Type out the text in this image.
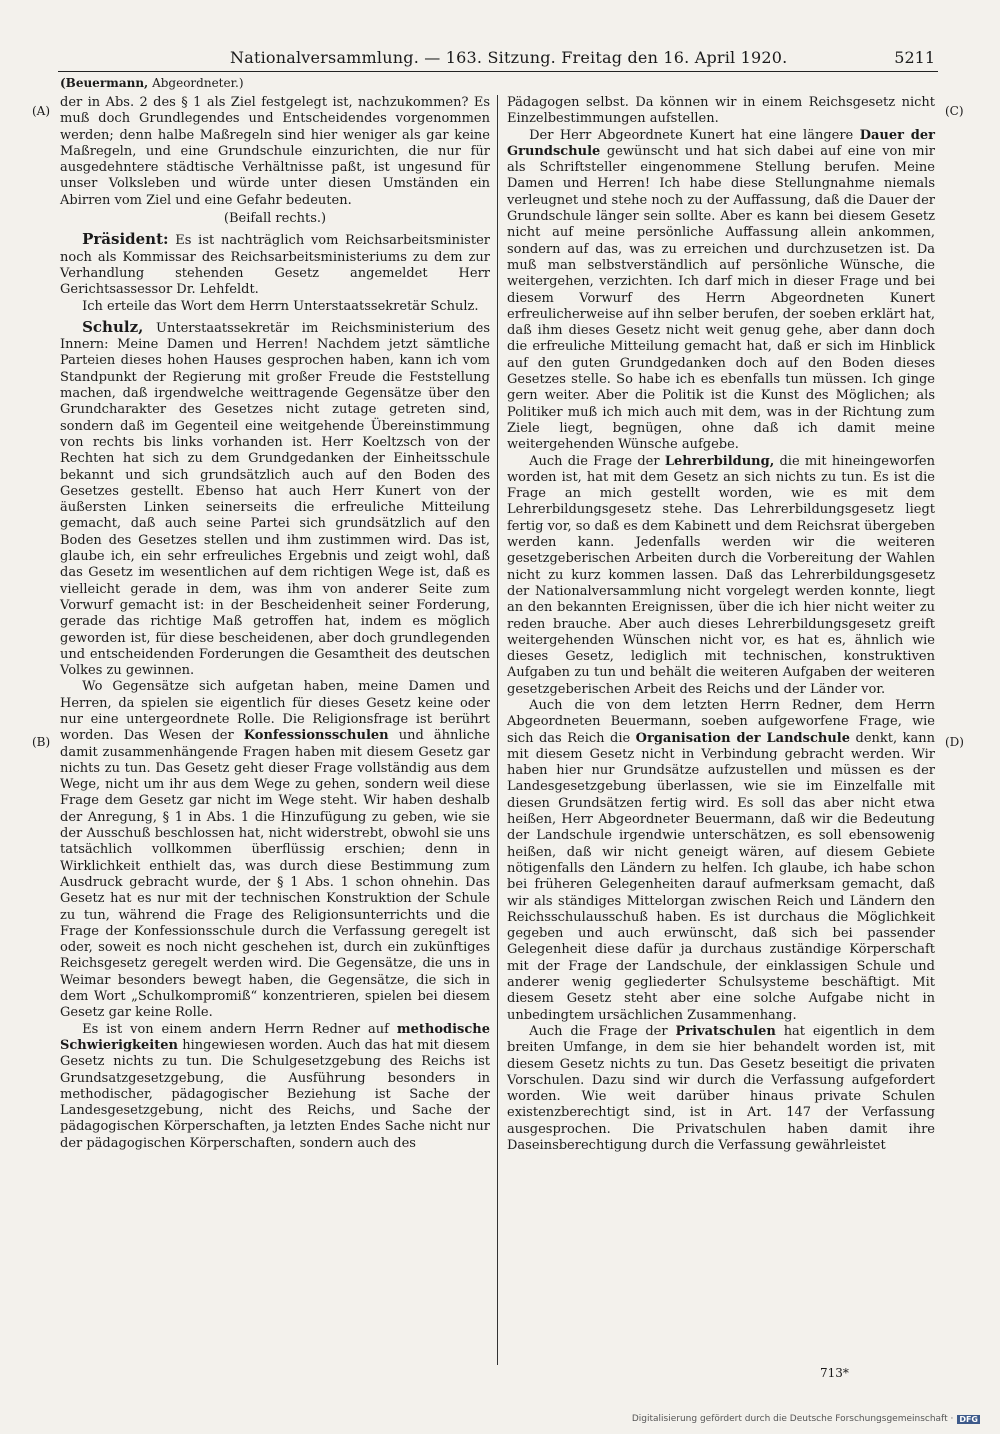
Nationalversammlung. — 163. Sitzung. Freitag den 16. April 1920.	5211
(Beuermann, Abgeordneter.)
(A)
(B)
(C)
(D)

der in Abs. 2 des § 1 als Ziel festgelegt ist, nachzukommen? Es muß doch Grundlegendes und Entscheidendes vorgenommen werden; denn halbe Maßregeln sind hier weniger als gar keine Maßregeln, und eine Grundschule einzurichten, die nur für ausgedehntere städtische Verhältnisse paßt, ist ungesund für unser Volksleben und würde unter diesen Umständen ein Abirren vom Ziel und eine Gefahr bedeuten.

(Beifall rechts.)

Präsident: Es ist nachträglich vom Reichsarbeitsminister noch als Kommissar des Reichsarbeitsministeriums zu dem zur Verhandlung stehenden Gesetz angemeldet Herr Gerichtsassessor Dr. Lehfeldt.

Ich erteile das Wort dem Herrn Unterstaatssekretär Schulz.

Schulz, Unterstaatssekretär im Reichsministerium des Innern: Meine Damen und Herren! Nachdem jetzt sämtliche Parteien dieses hohen Hauses gesprochen haben, kann ich vom Standpunkt der Regierung mit großer Freude die Feststellung machen, daß irgendwelche weittragende Gegensätze über den Grundcharakter des Gesetzes nicht zutage getreten sind, sondern daß im Gegenteil eine weitgehende Übereinstimmung von rechts bis links vorhanden ist. Herr Koeltzsch von der Rechten hat sich zu dem Grundgedanken der Einheitsschule bekannt und sich grundsätzlich auch auf den Boden des Gesetzes gestellt. Ebenso hat auch Herr Kunert von der äußersten Linken seinerseits die erfreuliche Mitteilung gemacht, daß auch seine Partei sich grundsätzlich auf den Boden des Gesetzes stellen und ihm zustimmen wird. Das ist, glaube ich, ein sehr erfreuliches Ergebnis und zeigt wohl, daß das Gesetz im wesentlichen auf dem richtigen Wege ist, daß es vielleicht gerade in dem, was ihm von anderer Seite zum Vorwurf gemacht ist: in der Bescheidenheit seiner Forderung, gerade das richtige Maß getroffen hat, indem es möglich geworden ist, für diese bescheidenen, aber doch grundlegenden und entscheidenden Forderungen die Gesamtheit des deutschen Volkes zu gewinnen.

Wo Gegensätze sich aufgetan haben, meine Damen und Herren, da spielen sie eigentlich für dieses Gesetz keine oder nur eine untergeordnete Rolle. Die Religionsfrage ist berührt worden. Das Wesen der Konfessionsschulen und ähnliche damit zusammenhängende Fragen haben mit diesem Gesetz gar nichts zu tun. Das Gesetz geht dieser Frage vollständig aus dem Wege, nicht um ihr aus dem Wege zu gehen, sondern weil diese Frage dem Gesetz gar nicht im Wege steht. Wir haben deshalb der Anregung, § 1 in Abs. 1 die Hinzufügung zu geben, wie sie der Ausschuß beschlossen hat, nicht widerstrebt, obwohl sie uns tatsächlich vollkommen überflüssig erschien; denn in Wirklichkeit enthielt das, was durch diese Bestimmung zum Ausdruck gebracht wurde, der § 1 Abs. 1 schon ohnehin. Das Gesetz hat es nur mit der technischen Konstruktion der Schule zu tun, während die Frage des Religionsunterrichts und die Frage der Konfessionsschule durch die Verfassung geregelt ist oder, soweit es noch nicht geschehen ist, durch ein zukünftiges Reichsgesetz geregelt werden wird. Die Gegensätze, die uns in Weimar besonders bewegt haben, die Gegensätze, die sich in dem Wort „Schulkompromiß“ konzentrieren, spielen bei diesem Gesetz gar keine Rolle.

Es ist von einem andern Herrn Redner auf methodische Schwierigkeiten hingewiesen worden. Auch das hat mit diesem Gesetz nichts zu tun. Die Schulgesetzgebung des Reichs ist Grundsatzgesetzgebung, die Ausführung besonders in methodischer, pädagogischer Beziehung ist Sache der Landesgesetzgebung, nicht des Reichs, und Sache der pädagogischen Körperschaften, ja letzten Endes Sache nicht nur der pädagogischen Körperschaften, sondern auch des

Pädagogen selbst. Da können wir in einem Reichsgesetz nicht Einzelbestimmungen aufstellen.

Der Herr Abgeordnete Kunert hat eine längere Dauer der Grundschule gewünscht und hat sich dabei auf eine von mir als Schriftsteller eingenommene Stellung berufen. Meine Damen und Herren! Ich habe diese Stellungnahme niemals verleugnet und stehe noch zu der Auffassung, daß die Dauer der Grundschule länger sein sollte. Aber es kann bei diesem Gesetz nicht auf meine persönliche Auffassung allein ankommen, sondern auf das, was zu erreichen und durchzusetzen ist. Da muß man selbstverständlich auf persönliche Wünsche, die weitergehen, verzichten. Ich darf mich in dieser Frage und bei diesem Vorwurf des Herrn Abgeordneten Kunert erfreulicherweise auf ihn selber berufen, der soeben erklärt hat, daß ihm dieses Gesetz nicht weit genug gehe, aber dann doch die erfreuliche Mitteilung gemacht hat, daß er sich im Hinblick auf den guten Grundgedanken doch auf den Boden dieses Gesetzes stelle. So habe ich es ebenfalls tun müssen. Ich ginge gern weiter. Aber die Politik ist die Kunst des Möglichen; als Politiker muß ich mich auch mit dem, was in der Richtung zum Ziele liegt, begnügen, ohne daß ich damit meine weitergehenden Wünsche aufgebe.

Auch die Frage der Lehrerbildung, die mit hineingeworfen worden ist, hat mit dem Gesetz an sich nichts zu tun. Es ist die Frage an mich gestellt worden, wie es mit dem Lehrerbildungsgesetz stehe. Das Lehrerbildungsgesetz liegt fertig vor, so daß es dem Kabinett und dem Reichsrat übergeben werden kann. Jedenfalls werden wir die weiteren gesetzgeberischen Arbeiten durch die Vorbereitung der Wahlen nicht zu kurz kommen lassen. Daß das Lehrerbildungsgesetz der Nationalversammlung nicht vorgelegt werden konnte, liegt an den bekannten Ereignissen, über die ich hier nicht weiter zu reden brauche. Aber auch dieses Lehrerbildungsgesetz greift weitergehenden Wünschen nicht vor, es hat es, ähnlich wie dieses Gesetz, lediglich mit technischen, konstruktiven Aufgaben zu tun und behält die weiteren Aufgaben der weiteren gesetzgeberischen Arbeit des Reichs und der Länder vor.

Auch die von dem letzten Herrn Redner, dem Herrn Abgeordneten Beuermann, soeben aufgeworfene Frage, wie sich das Reich die Organisation der Landschule denkt, kann mit diesem Gesetz nicht in Verbindung gebracht werden. Wir haben hier nur Grundsätze aufzustellen und müssen es der Landesgesetzgebung überlassen, wie sie im Einzelfalle mit diesen Grundsätzen fertig wird. Es soll das aber nicht etwa heißen, Herr Abgeordneter Beuermann, daß wir die Bedeutung der Landschule irgendwie unterschätzen, es soll ebensowenig heißen, daß wir nicht geneigt wären, auf diesem Gebiete nötigenfalls den Ländern zu helfen. Ich glaube, ich habe schon bei früheren Gelegenheiten darauf aufmerksam gemacht, daß wir als ständiges Mittelorgan zwischen Reich und Ländern den Reichsschulausschuß haben. Es ist durchaus die Möglichkeit gegeben und auch erwünscht, daß sich bei passender Gelegenheit diese dafür ja durchaus zuständige Körperschaft mit der Frage der Landschule, der einklassigen Schule und anderer wenig gegliederter Schulsysteme beschäftigt. Mit diesem Gesetz steht aber eine solche Aufgabe nicht in unbedingtem ursächlichen Zusammenhang.

Auch die Frage der Privatschulen hat eigentlich in dem breiten Umfange, in dem sie hier behandelt worden ist, mit diesem Gesetz nichts zu tun. Das Gesetz beseitigt die privaten Vorschulen. Dazu sind wir durch die Verfassung aufgefordert worden. Wie weit darüber hinaus private Schulen existenzberechtigt sind, ist in Art. 147 der Verfassung ausgesprochen. Die Privatschulen haben damit ihre Daseinsberechtigung durch die Verfassung gewährleistet

713*
Digitalisierung gefördert durch die Deutsche Forschungsgemeinschaft · DFG
